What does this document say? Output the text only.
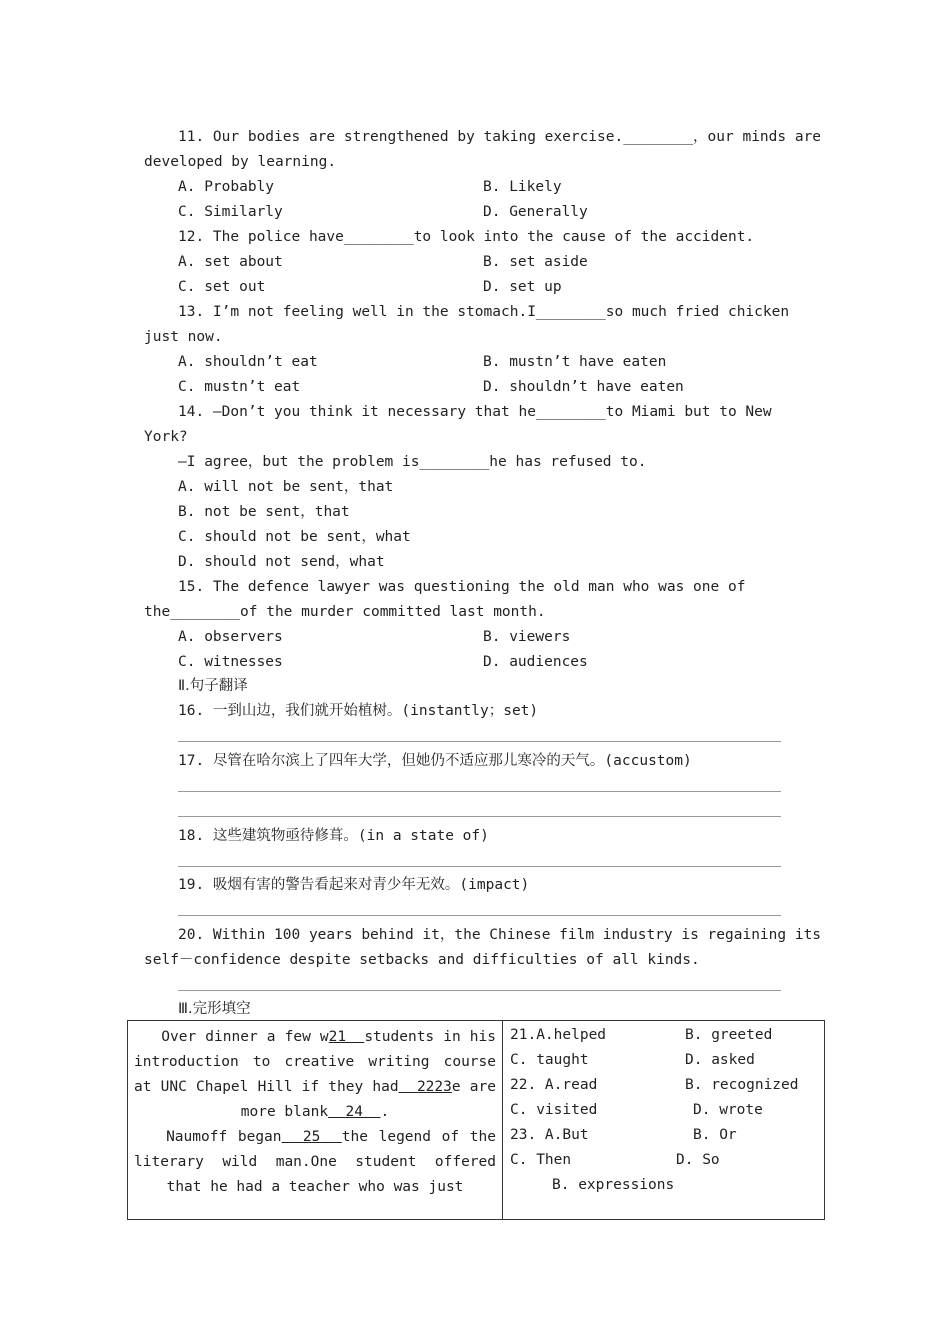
11. Our bodies are strengthened by taking exercise.________，our minds are
developed by learning.
A. Probably	B. Likely
C. Similarly	D. Generally
12. The police have________to look into the cause of the accident.
A. set about	B. set aside
C. set out	D. set up
13. I’m not feeling well in the stomach.I________so much fried chicken
just now.
A. shouldn’t eat	B. mustn’t have eaten
C. mustn’t eat	D. shouldn’t have eaten
14. —Don’t you think it necessary that he________to Miami but to New
York?
—I agree，but the problem is________he has refused to.
A. will not be sent，that
B. not be sent，that
C. should not be sent，what
D. should not send，what
15. The defence lawyer was questioning the old man who was one of
the________of the murder committed last month.
A. observers	B. viewers
C. witnesses	D. audiences
Ⅱ.句子翻译
16. 一到山边，我们就开始植树。(instantly；set)
17. 尽管在哈尔滨上了四年大学，但她仍不适应那儿寒冷的天气。(accustom)
18. 这些建筑物亟待修葺。(in a state of)
19. 吸烟有害的警告看起来对青少年无效。(impact)
20. Within 100 years behind it，the Chinese film industry is regaining its
self－confidence despite setbacks and difficulties of all kinds.
Ⅲ.完形填空
Over dinner a few w21 students in his introduction to creative writing course at UNC Chapel Hill if they had 2223e are more blank 24 .
Naumoff began 25 the legend of the literary wild man.One student offered that he had a teacher who was just
21.A.helped	B. greeted
C. taught	D. asked
22. A.read	B. recognized
C. visited	D. wrote
23. A.But	B. Or
C. Then	D. So
B. expressions
